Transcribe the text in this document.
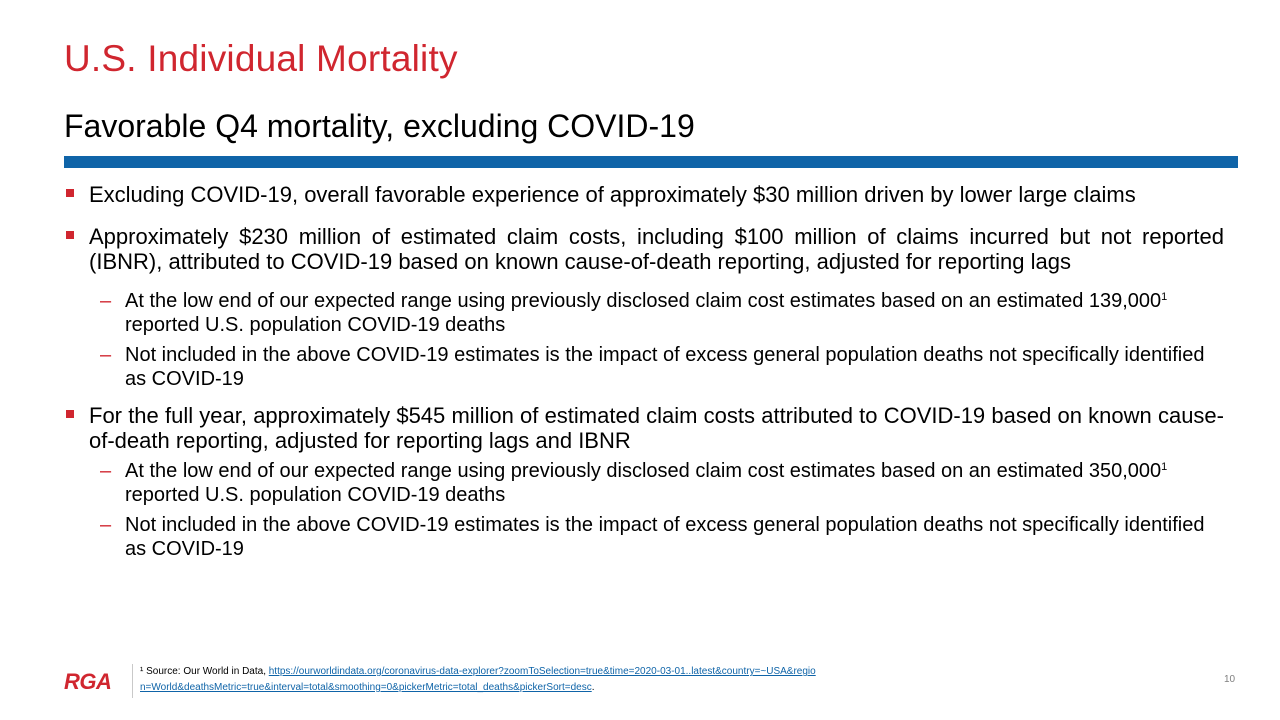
U.S. Individual Mortality
Favorable Q4 mortality, excluding COVID-19
Excluding COVID-19, overall favorable experience of approximately $30 million driven by lower large claims
Approximately $230 million of estimated claim costs, including $100 million of claims incurred but not reported (IBNR), attributed to COVID-19 based on known cause-of-death reporting, adjusted for reporting lags
– At the low end of our expected range using previously disclosed claim cost estimates based on an estimated 139,000$^1$ reported U.S. population COVID-19 deaths
– Not included in the above COVID-19 estimates is the impact of excess general population deaths not specifically identified as COVID-19
For the full year, approximately $545 million of estimated claim costs attributed to COVID-19 based on known cause-of-death reporting, adjusted for reporting lags and IBNR
– At the low end of our expected range using previously disclosed claim cost estimates based on an estimated 350,000$^1$ reported U.S. population COVID-19 deaths
– Not included in the above COVID-19 estimates is the impact of excess general population deaths not specifically identified as COVID-19
RGA	¹ Source: Our World in Data, https://ourworldindata.org/coronavirus-data-explorer?zoomToSelection=true&time=2020-03-01..latest&country=~USA&region=World&deathsMetric=true&interval=total&smoothing=0&pickerMetric=total_deaths&pickerSort=desc.
10
